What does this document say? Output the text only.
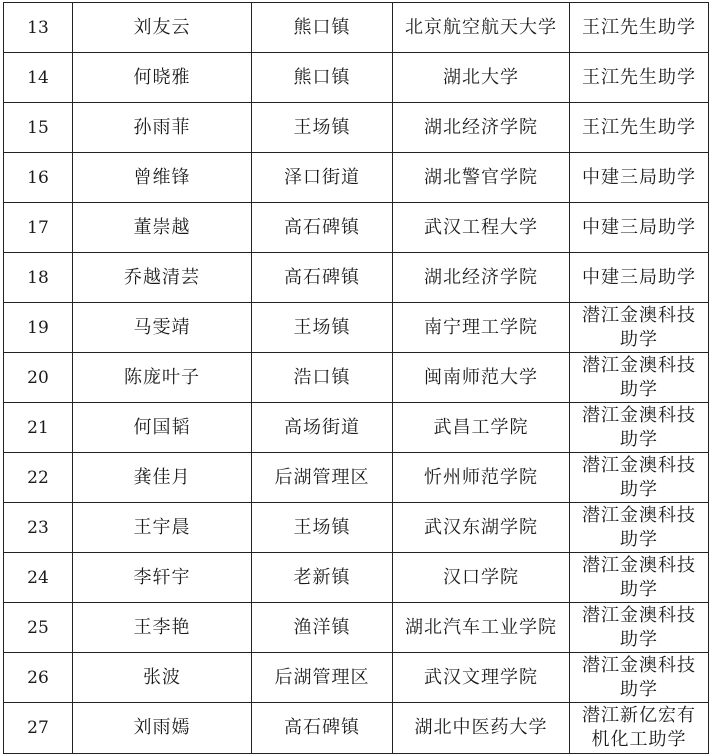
13	刘友云	熊口镇	北京航空航天大学	王江先生助学
14	何晓雅	熊口镇	湖北大学	王江先生助学
15	孙雨菲	王场镇	湖北经济学院	王江先生助学
16	曾维锋	泽口街道	湖北警官学院	中建三局助学
17	董崇越	高石碑镇	武汉工程大学	中建三局助学
18	乔越清芸	高石碑镇	湖北经济学院	中建三局助学
19	马雯靖	王场镇	南宁理工学院	潜江金澳科技助学
20	陈庞叶子	浩口镇	闽南师范大学	潜江金澳科技助学
21	何国韬	高场街道	武昌工学院	潜江金澳科技助学
22	龚佳月	后湖管理区	忻州师范学院	潜江金澳科技助学
23	王宇晨	王场镇	武汉东湖学院	潜江金澳科技助学
24	李轩宇	老新镇	汉口学院	潜江金澳科技助学
25	王李艳	渔洋镇	湖北汽车工业学院	潜江金澳科技助学
26	张波	后湖管理区	武汉文理学院	潜江金澳科技助学
27	刘雨嫣	高石碑镇	湖北中医药大学	潜江新亿宏有机化工助学
